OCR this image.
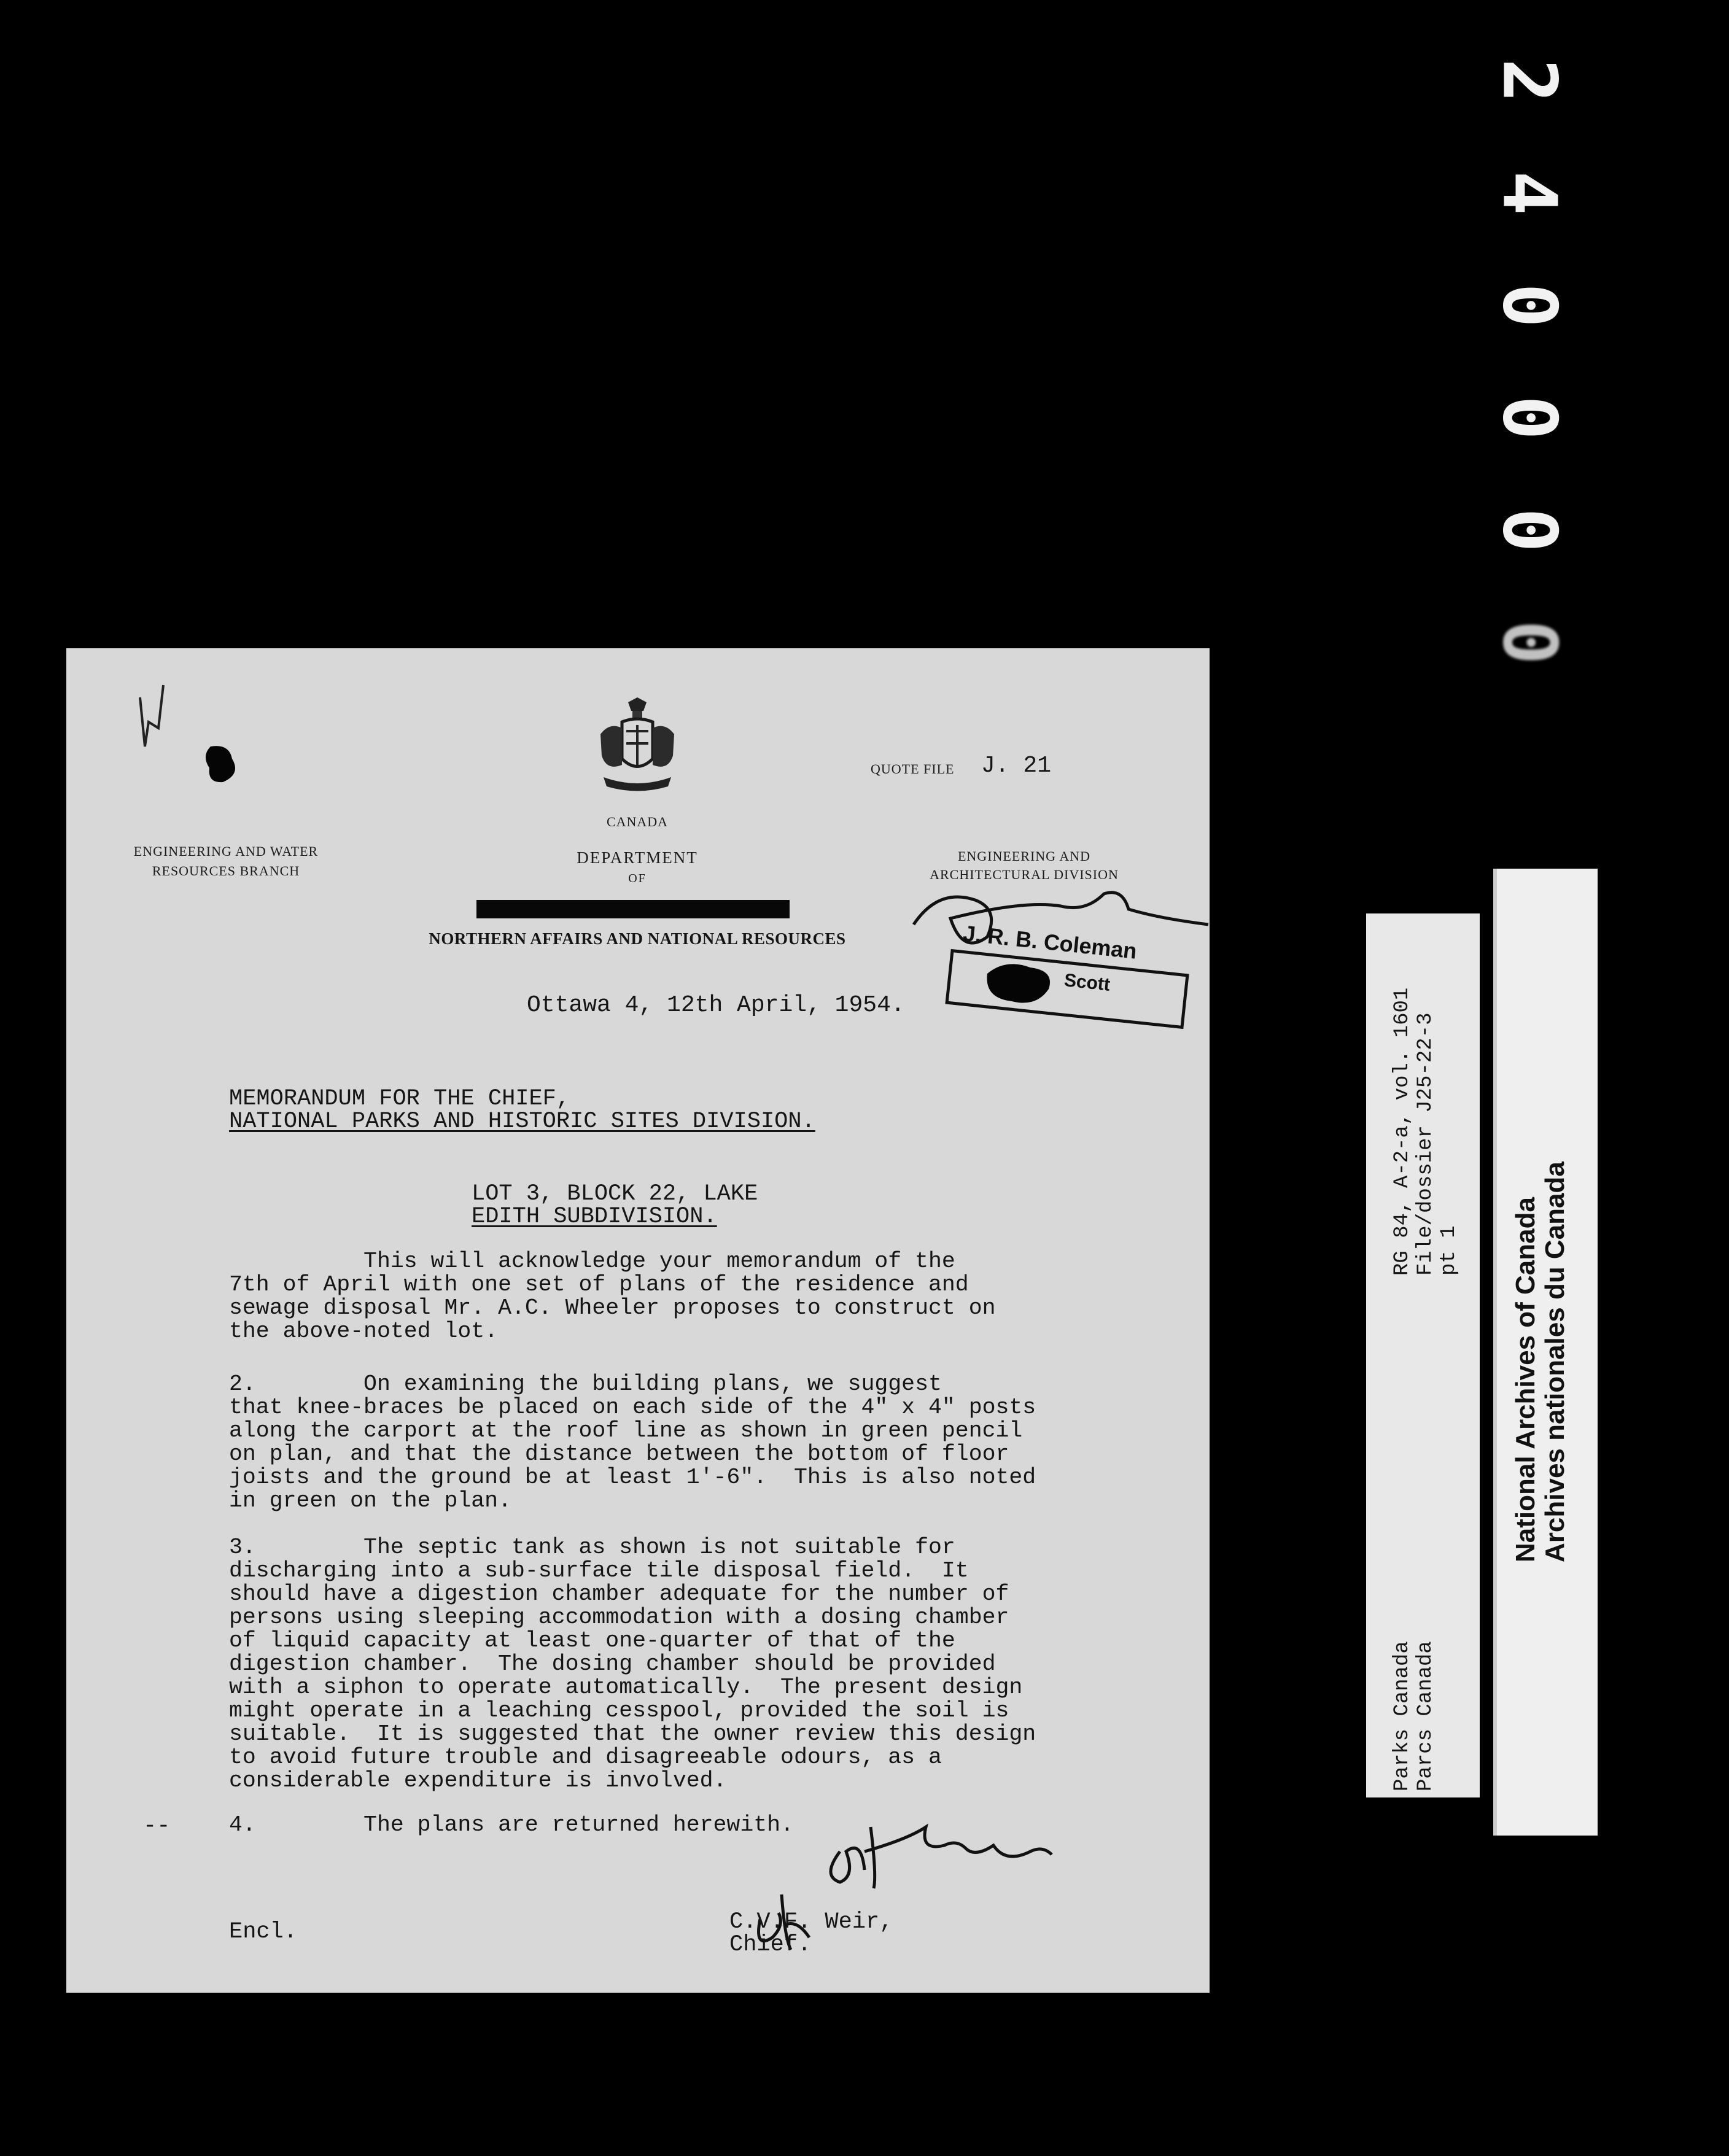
2
4
0
0
0
0
CANADA
QUOTE FILE J. 21
ENGINEERING AND WATER
RESOURCES BRANCH
DEPARTMENT
OF
NORTHERN AFFAIRS AND NATIONAL RESOURCES
ENGINEERING AND
ARCHITECTURAL DIVISION
J. R. B. Coleman
Scott
Ottawa 4, 12th April, 1954.
MEMORANDUM FOR THE CHIEF,
NATIONAL PARKS AND HISTORIC SITES DIVISION.
LOT 3, BLOCK 22, LAKE
EDITH SUBDIVISION.
This will acknowledge your memorandum of the
7th of April with one set of plans of the residence and
sewage disposal Mr. A.C. Wheeler proposes to construct on
the above-noted lot.
2.        On examining the building plans, we suggest
that knee-braces be placed on each side of the 4" x 4" posts
along the carport at the roof line as shown in green pencil
on plan, and that the distance between the bottom of floor
joists and the ground be at least 1'-6".  This is also noted
in green on the plan.
3.        The septic tank as shown is not suitable for
discharging into a sub-surface tile disposal field.  It
should have a digestion chamber adequate for the number of
persons using sleeping accommodation with a dosing chamber
of liquid capacity at least one-quarter of that of the
digestion chamber.  The dosing chamber should be provided
with a siphon to operate automatically.  The present design
might operate in a leaching cesspool, provided the soil is
suitable.  It is suggested that the owner review this design
to avoid future trouble and disagreeable odours, as a
considerable expenditure is involved.
--	4.        The plans are returned herewith.
C.V.F. Weir,
Chief.
Encl.
RG 84, A-2-a, vol. 1601 File/dossier J25-22-3 pt 1
Parks Canada Parcs Canada
National Archives of Canada Archives nationales du Canada
